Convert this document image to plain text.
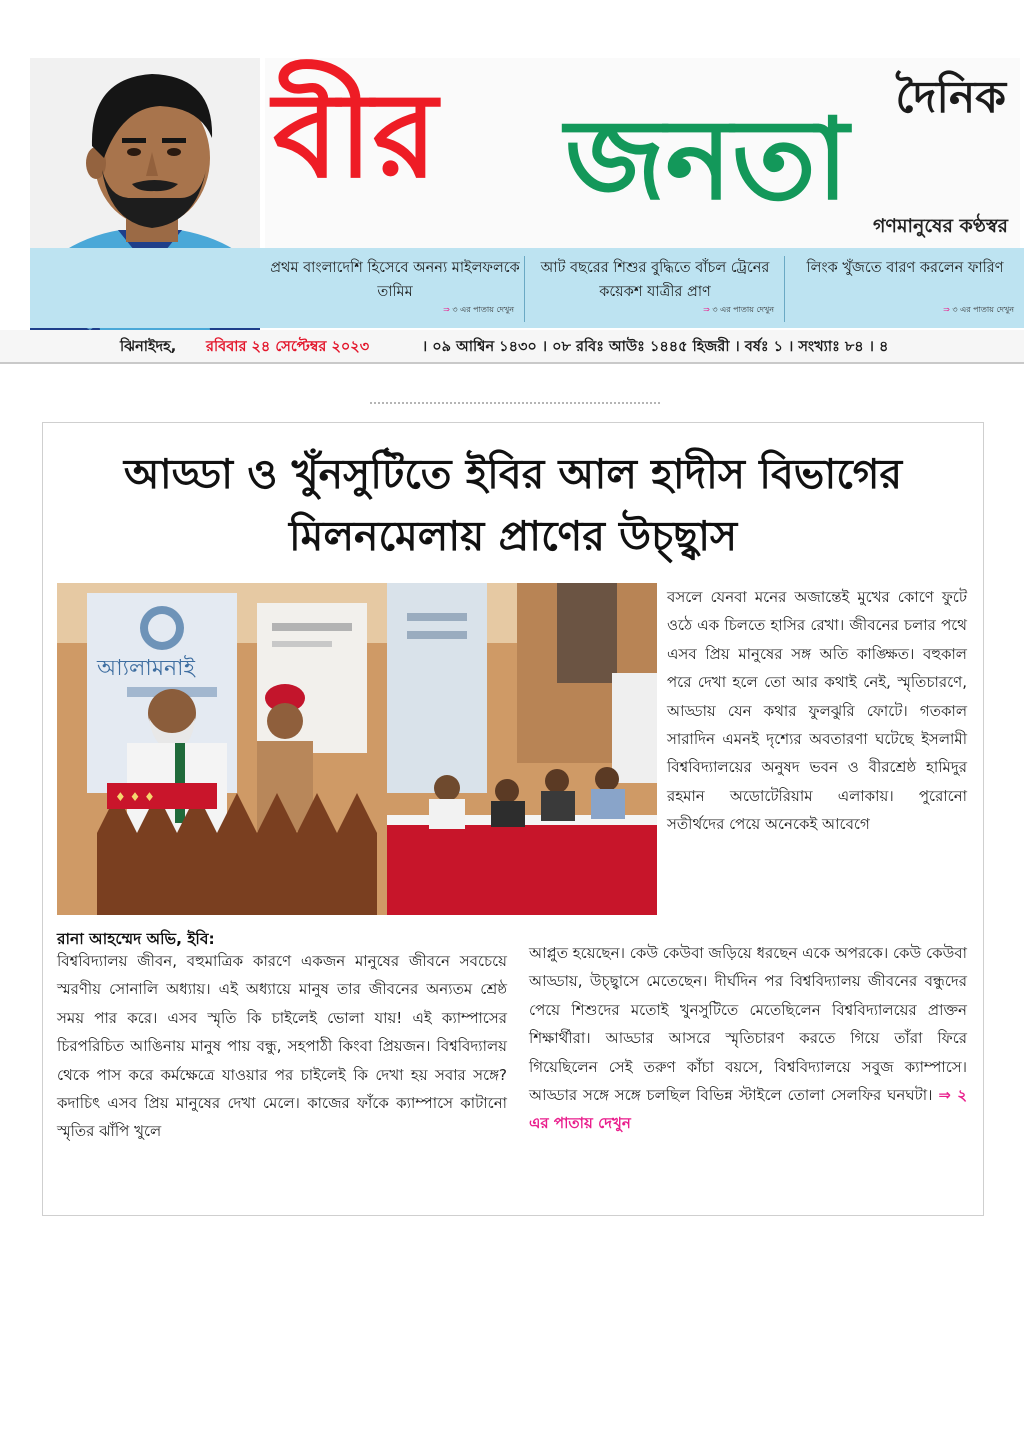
দৈনিক
বীর জনতা
গণমানুষের কণ্ঠস্বর
প্রথম বাংলাদেশি হিসেবে অনন্য মাইলফলকে তামিম
⇒ ৩ এর পাতায় দেখুন
আট বছরের শিশুর বুদ্ধিতে বাঁচল ট্রেনের কয়েকশ যাত্রীর প্রাণ
⇒ ৩ এর পাতায় দেখুন
লিংক খুঁজতে বারণ করলেন ফারিণ
⇒ ৩ এর পাতায় দেখুন
ঝিনাইদহ, রবিবার ২৪ সেপ্টেম্বর ২০২৩	। ০৯ আশ্বিন ১৪৩০ । ০৮ রবিঃ আউঃ ১৪৪৫ হিজরী । বর্ষঃ ১ । সংখ্যাঃ ৮৪ । ৪
আড্ডা ও খুঁনসুটিতে ইবির আল হাদীস বিভাগের
মিলনমেলায় প্রাণের উচ্ছ্বাস
আ্যলামনাই
♦ ♦ ♦
রানা আহম্মেদ অভি, ইবি:

বিশ্ববিদ্যালয় জীবন, বহুমাত্রিক কারণে একজন মানুষের জীবনে সবচেয়ে স্মরণীয় সোনালি অধ্যায়। এই অধ্যায়ে মানুষ তার জীবনের অন্যতম শ্রেষ্ঠ সময় পার করে। এসব স্মৃতি কি চাইলেই ভোলা যায়! এই ক্যাম্পাসের চিরপরিচিত আঙিনায় মানুষ পায় বন্ধু, সহপাঠী কিংবা প্রিয়জন। বিশ্ববিদ্যালয় থেকে পাস করে কর্মক্ষেত্রে যাওয়ার পর চাইলেই কি দেখা হয় সবার সঙ্গে? কদাচিৎ এসব প্রিয় মানুষের দেখা মেলে। কাজের ফাঁকে ক্যাম্পাসে কাটানো স্মৃতির ঝাঁপি খুলে

বসলে যেনবা মনের অজান্তেই মুখের কোণে ফুটে ওঠে এক চিলতে হাসির রেখা। জীবনের চলার পথে এসব প্রিয় মানুষের সঙ্গ অতি কাঙ্ক্ষিত। বহুকাল পরে দেখা হলে তো আর কথাই নেই, স্মৃতিচারণে, আড্ডায় যেন কথার ফুলঝুরি ফোটে। গতকাল সারাদিন এমনই দৃশ্যের অবতারণা ঘটেছে ইসলামী বিশ্ববিদ্যালয়ের অনুষদ ভবন ও বীরশ্রেষ্ঠ হামিদুর রহমান অডোটেরিয়াম এলাকায়। পুরোনো সতীর্থদের পেয়ে অনেকেই আবেগে

আপ্লুত হয়েছেন। কেউ কেউবা জড়িয়ে ধরছেন একে অপরকে। কেউ কেউবা আড্ডায়, উচ্ছ্বাসে মেতেছেন। দীর্ঘদিন পর বিশ্ববিদ্যালয় জীবনের বন্ধুদের পেয়ে শিশুদের মতোই খুনসুটিতে মেতেছিলেন বিশ্ববিদ্যালয়ের প্রাক্তন শিক্ষার্থীরা। আড্ডার আসরে স্মৃতিচারণ করতে গিয়ে তাঁরা ফিরে গিয়েছিলেন সেই তরুণ কাঁচা বয়সে, বিশ্ববিদ্যালয়ে সবুজ ক্যাম্পাসে। আড্ডার সঙ্গে সঙ্গে চলছিল বিভিন্ন স্টাইলে তোলা সেলফির ঘনঘটা। ⇒ ২ এর পাতায় দেখুন
